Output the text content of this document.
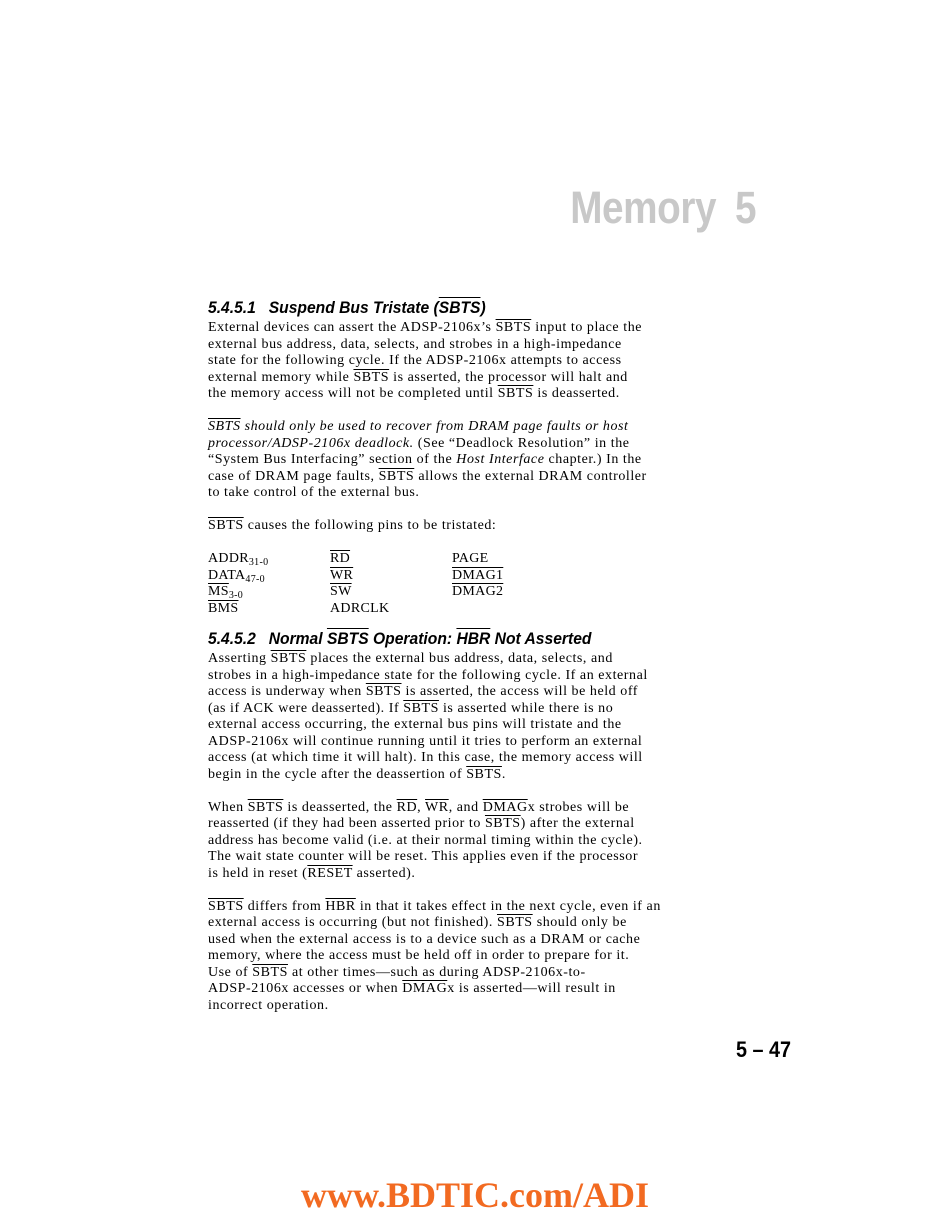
Memory 5
5.4.5.1 Suspend Bus Tristate (SBTS)
External devices can assert the ADSP-2106x’s SBTS input to place the
external bus address, data, selects, and strobes in a high-impedance
state for the following cycle. If the ADSP-2106x attempts to access
external memory while SBTS is asserted, the processor will halt and
the memory access will not be completed until SBTS is deasserted.
SBTS should only be used to recover from DRAM page faults or host
processor/ADSP-2106x deadlock. (See “Deadlock Resolution” in the
“System Bus Interfacing” section of the Host Interface chapter.) In the
case of DRAM page faults, SBTS allows the external DRAM controller
to take control of the external bus.
SBTS causes the following pins to be tristated:
$ADDR_{31-0}$	$\overline{RD}$	PAGE
$DATA_{47-0}$	$\overline{WR}$	DMAG1
$\overline{MS}_{3-0}$	$\overline{SW}$	DMAG2
$\overline{BMS}$	ADRCLK
5.4.5.2 Normal SBTS Operation: $\overline{HBR}$ Not Asserted
Asserting SBTS places the external bus address, data, selects, and
strobes in a high-impedance state for the following cycle. If an external
access is underway when SBTS is asserted, the access will be held off
(as if ACK were deasserted). If SBTS is asserted while there is no
external access occurring, the external bus pins will tristate and the
ADSP-2106x will continue running until it tries to perform an external
access (at which time it will halt). In this case, the memory access will
begin in the cycle after the deassertion of SBTS.
When SBTS is deasserted, the $\overline{RD}$, $\overline{WR}$, and DMAGx strobes will be
reasserted (if they had been asserted prior to SBTS) after the external
address has become valid (i.e. at their normal timing within the cycle).
The wait state counter will be reset. This applies even if the processor
is held in reset (RESET asserted).
SBTS differs from $\overline{HBR}$ in that it takes effect in the next cycle, even if an
external access is occurring (but not finished). SBTS should only be
used when the external access is to a device such as a DRAM or cache
memory, where the access must be held off in order to prepare for it.
Use of SBTS at other times—such as during ADSP-2106x-to-
ADSP-2106x accesses or when DMAGx is asserted—will result in
incorrect operation.
5 – 47
www.BDTIC.com/ADI
